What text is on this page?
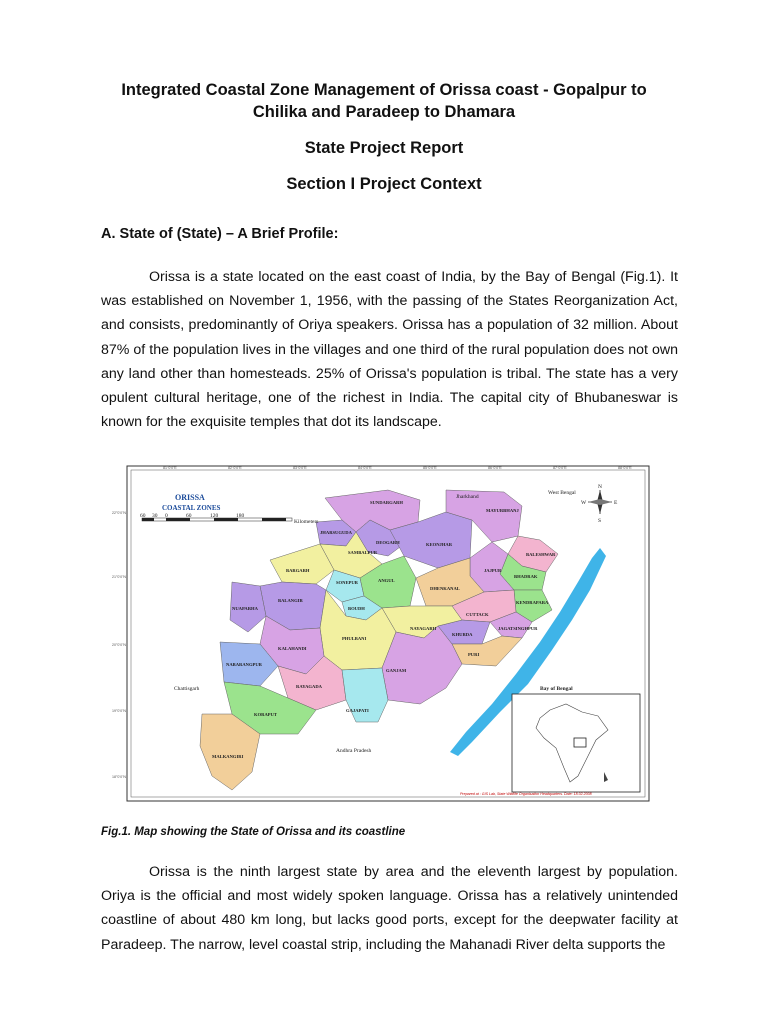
Integrated Coastal Zone Management of Orissa coast - Gopalpur to
Chilika and Paradeep to Dhamara
State Project Report
Section I Project Context
A. State of (State) – A Brief Profile:

Orissa is a state located on the east coast of India, by the Bay of Bengal (Fig.1). It was established on November 1, 1956, with the passing of the States Reorganization Act, and consists, predominantly of Oriya speakers. Orissa has a population of 32 million. About 87% of the population lives in the villages and one third of the rural population does not own any land other than homesteads. 25% of Orissa's population is tribal. The state has a very opulent cultural heritage, one of the richest in India. The capital city of Bhubaneswar is known for the exquisite temples that dot its landscape.

81°0'0"E	82°0'0"E	83°0'0"E	84°0'0"E	85°0'0"E	86°0'0"E	87°0'0"E	88°0'0"E
22°0'0"N
21°0'0"N
20°0'0"N
19°0'0"N
18°0'0"N
ORISSA
COASTAL ZONES
60 30 0	60	120	180
Kilometers
N
S
E
W
Jharkhand
West Bengal
Chattisgarh
Andhra Pradesh
SUNDARGARH
JHARSUGUDA
SAMBALPUR
DEOGARH	KEONJHAR
MAYURBHANJ
BALESHWAR
BARGARH
SONEPUR
BOUDH
ANGUL
DHENKANAL
JAJPUR
BHADRAK
KENDRAPARA
BALANGIR
NUAPARHA
CUTTACK
JAGATSINGHPUR
NAYAGARH
KHURDA
PURI
PHULBANI
KALAHANDI
NABARANGPUR
RAYAGADA
GANJAM
GAJAPATI
KORAPUT
MALKANGIRI
Bay of Bengal
Prepared at : GIS Lab, State Wildlife Organisation Headquarters. Date: 18.02.2008

Fig.1. Map showing the State of Orissa and its coastline

Orissa is the ninth largest state by area and the eleventh largest by population. Oriya is the official and most widely spoken language. Orissa has a relatively unintended coastline of about 480 km long, but lacks good ports, except for the deepwater facility at Paradeep. The narrow, level coastal strip, including the Mahanadi River delta supports the
